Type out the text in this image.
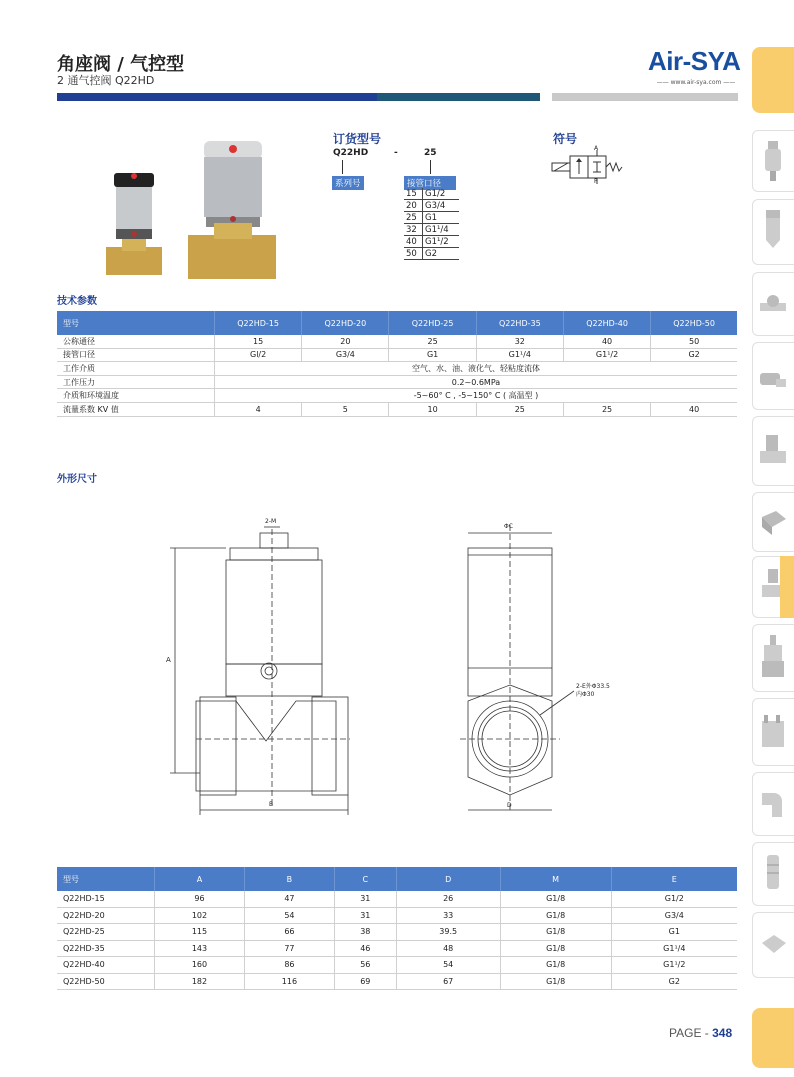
角座阀 / 气控型
2 通气控阀 Q22HD
Air-SYA
—— www.air-sya.com ——
订货型号
Q22HD	-	25
系列号	接管口径
15	G1/2
20	G3/4
25	G1
32	G1¹/4
40	G1¹/2
50	G2
符号
A
P
技术参数
型号	Q22HD-15	Q22HD-20	Q22HD-25	Q22HD-35	Q22HD-40	Q22HD-50
公称通径	15	20	25	32	40	50
接管口径	Gl/2	G3/4	G1	G1¹/4	G1¹/2	G2
工作介质	空气、水、油、液化气、轻粘度流体					
工作压力	0.2~0.6MPa					
介质和环境温度	-5~60° C , -5~150° C ( 高温型 )					
流量系数 KV 值	4	5	10	25	25	40
外形尺寸
2-M
A
B
ΦC
D
2-E外Φ33.5
内Φ30
型号	A	B	C	D	M	E
Q22HD-15	96	47	31	26	G1/8	G1/2
Q22HD-20	102	54	31	33	G1/8	G3/4
Q22HD-25	115	66	38	39.5	G1/8	G1
Q22HD-35	143	77	46	48	G1/8	G1¹/4
Q22HD-40	160	86	56	54	G1/8	G1¹/2
Q22HD-50	182	116	69	67	G1/8	G2
PAGE - 348
